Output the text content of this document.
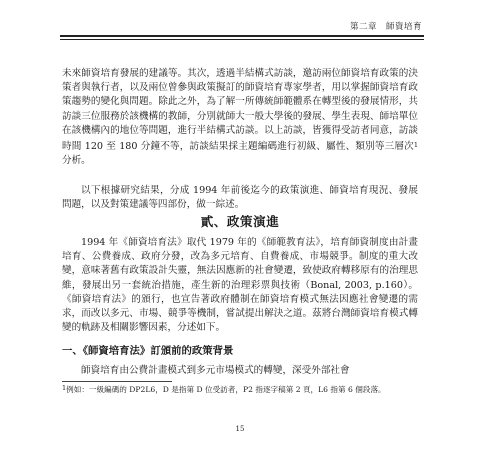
第二章　師資培育
未來師資培育發展的建議等。其次，透過半結構式訪談，邀訪兩位師資培育政策的決策者與執行者，以及兩位曾參與政策擬訂的師資培育專家學者，用以掌握師資培育政策趨勢的變化與問題。除此之外，為了解一所傳統師範體系在轉型後的發展情形，共訪談三位服務於該機構的教師，分別就師大一般大學後的發展、學生表現、師培單位在該機構內的地位等問題，進行半結構式訪談。以上訪談，皆獲得受訪者同意，訪談時間 120 至 180 分鐘不等，訪談結果採主題編碼進行初級、屬性、類別等三層次$^1$分析。
以下根據研究結果，分成 1994 年前後迄今的政策演進、師資培育現況、發展問題，以及對策建議等四部份，做一綜述。
貳、政策演進
1994 年《師資培育法》取代 1979 年的《師範教育法》，培育師資制度由計畫培育、公費養成、政府分發，改為多元培育、自費養成、市場競爭。制度的重大改變，意味著舊有政策設計失靈，無法因應新的社會變遷，致使政府轉移原有的治理思維，發展出另一套統治措施，產生新的治理彩票與技術（Bonal, 2003, p.160）。《師資培育法》的頒行，也宣告著政府體制在師資培育模式無法因應社會變遷的需求，而改以多元、市場、競爭等機制，嘗試提出解決之道。茲將台灣師資培育模式轉變的軌跡及相關影響因素，分述如下。
一、《師資培育法》訂頒前的政策背景
師資培育由公費計畫模式到多元市場模式的轉變，深受外部社會
1例如：一級編碼的 DP2L6，D 是指第 D 位受訪者，P2 指逐字稿第 2 頁，L6 指第 6 個段落。
15
